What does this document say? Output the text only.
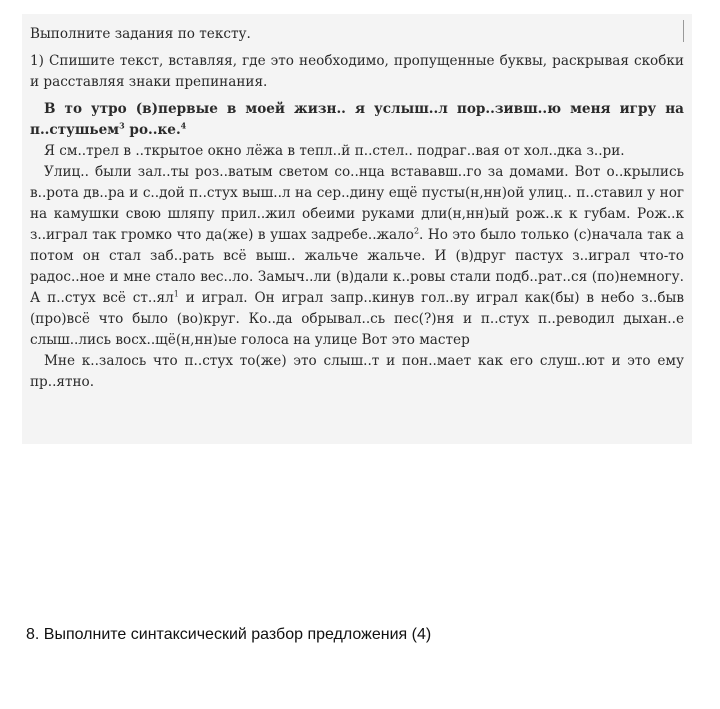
Выполните задания по тексту.

1) Спишите текст, вставляя, где это необходимо, пропущенные буквы, раскрывая скобки и расставляя знаки препинания.

В то утро (в)первые в моей жизн.. я услыш..л пор..зивш..ю меня игру на п..стушьем$^3$ ро..ке.$^4$

Я см..трел в ..ткрытое окно лёжа в тепл..й п..стел.. подраг..вая от хол..дка з..ри.

Улиц.. были зал..ты роз..ватым светом со..нца встававш..го за домами. Вот о..крылись в..рота дв..ра и с..дой п..стух выш..л на сер..дину ещё пусты(н,нн)ой улиц.. п..ставил у ног на камушки свою шляпу прил..жил обеими руками дли(н,нн)ый рож..к к губам. Рож..к з..играл так громко что да(же) в ушах задребе..жало$^2$. Но это было только (с)начала так а потом он стал заб..рать всё выш.. жальче жальче. И (в)друг пастух з..играл что-то радос..ное и мне стало вес..ло. Замыч..ли (в)дали к..ровы стали подб..рат..ся (по)немногу. А п..стух всё $ст..ял^1$ и играл. Он играл запр..кинув гол..ву играл как(бы) в небо з..быв (про)всё что было (во)круг. Ко..да обрывал..сь пес(?)ня и п..стух п..реводил дыхан..е слыш..лись восх..щё(н,нн)ые голоса на улице Вот это мастер

Мне к..залось что п..стух то(же) это слыш..т и пон..мает как его слуш..ют и это ему пр..ятно.

8. Выполните синтаксический разбор предложения (4)
